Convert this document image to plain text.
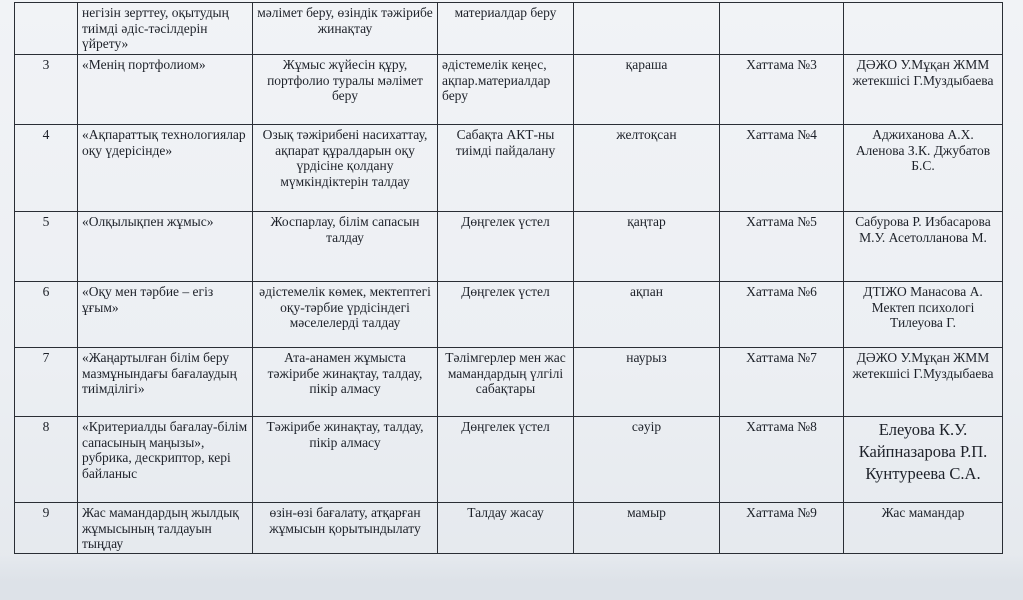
	негізін зерттеу, оқытудың тиімді әдіс-тәсілдерін үйрету»	мәлімет беру, өзіндік тәжірибе жинақтау	материалдар беру			
3	«Менің портфолиом»	Жұмыс жүйесін құру, портфолио туралы мәлімет беру	әдістемелік кеңес, ақпар.материалдар беру	қараша	Хаттама №3	ДӘЖО У.Мұқан ЖММ жетекшісі Г.Муздыбаева
4	«Ақпараттық технологиялар оқу үдерісінде»	Озық тәжірибені насихаттау, ақпарат құралдарын оқу үрдісіне қолдану мүмкіндіктерін талдау	Сабақта АКТ-ны тиімді пайдалану	желтоқсан	Хаттама №4	Аджиханова А.Х. Аленова З.К. Джубатов Б.С.
5	«Олқылықпен жұмыс»	Жоспарлау, білім сапасын талдау	Дөңгелек үстел	қаңтар	Хаттама №5	Сабурова Р. Избасарова М.У. Асетолланова М.
6	«Оқу мен тәрбие – егіз ұғым»	әдістемелік көмек, мектептегі оқу-тәрбие үрдісіндегі мәселелерді талдау	Дөңгелек үстел	ақпан	Хаттама №6	ДТІЖО Манасова А. Мектеп психологі Тилеуова Г.
7	«Жаңартылған білім беру мазмұнындағы бағалаудың тиімділігі»	Ата-анамен жұмыста тәжірибе жинақтау, талдау, пікір алмасу	Тәлімгерлер мен жас мамандардың үлгілі сабақтары	наурыз	Хаттама №7	ДӘЖО У.Мұқан ЖММ жетекшісі Г.Муздыбаева
8	«Критериалды бағалау-білім сапасының маңызы», рубрика, дескриптор, кері байланыс	Тәжірибе жинақтау, талдау, пікір алмасу	Дөңгелек үстел	сәуір	Хаттама №8	Елеуова К.У. Кайпназарова Р.П. Кунтуреева С.А.
9	Жас мамандардың жылдық жұмысының талдауын тыңдау	өзін-өзі бағалату, атқарған жұмысын қорытындылату	Талдау жасау	мамыр	Хаттама №9	Жас мамандар
